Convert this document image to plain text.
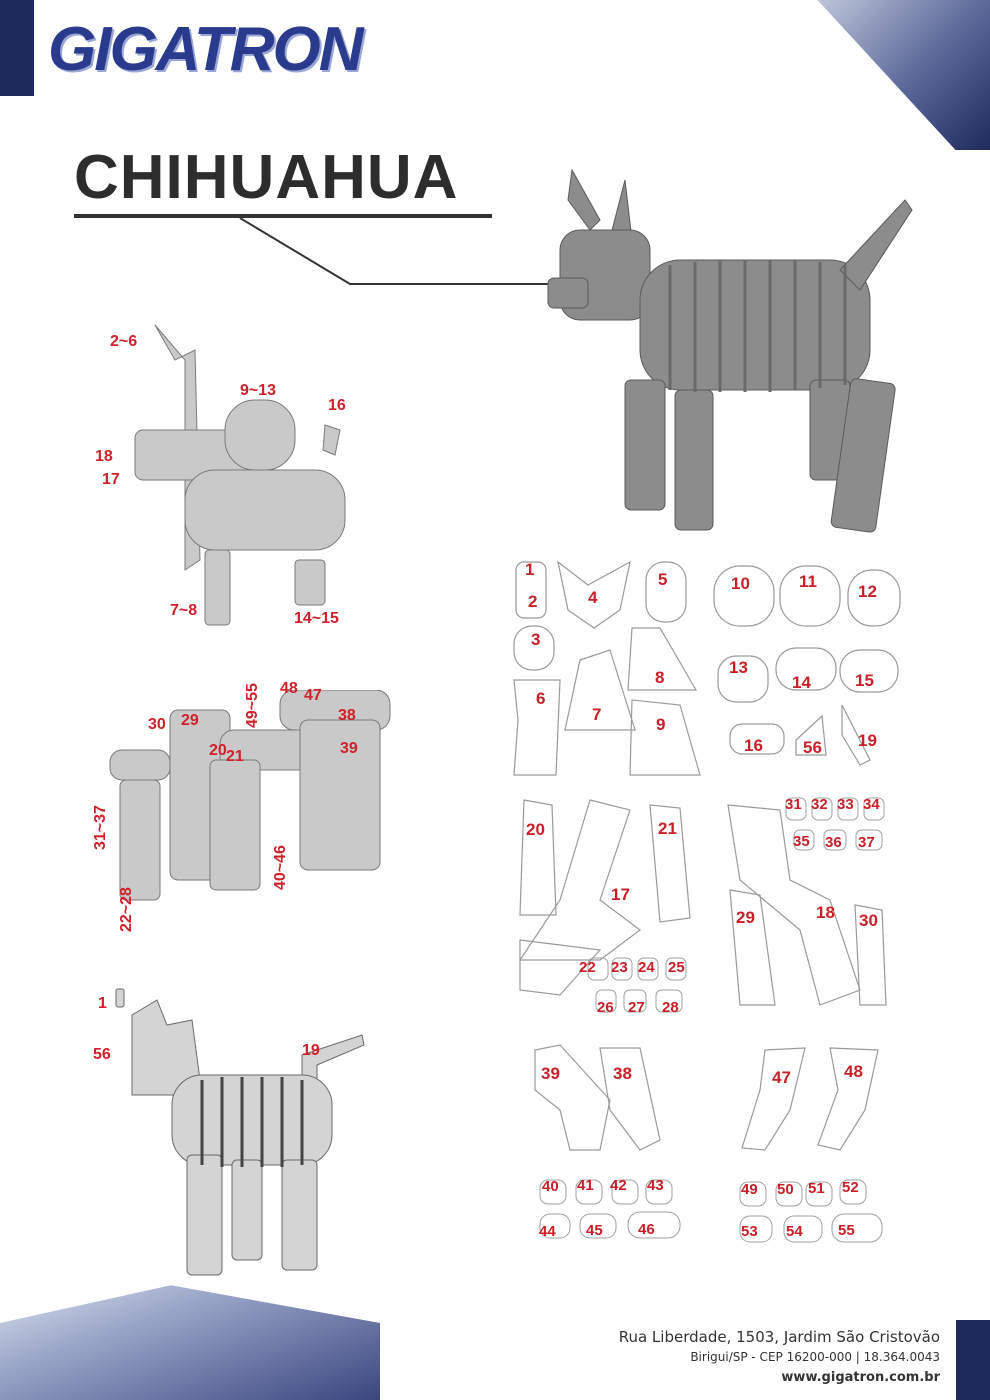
GIGATRON
CHIHUAHUA
2~6
9~13
16
18
17
7~8	14~15
30 29	49~55 48 47
38
20	39
21
31~37
40~46
22~28
1
56	19
1
2	4
5
3
8
6
7
9
10	11
12
13
14	15
16 56 19
20	21
17
22 23 24 25
26 27 28
31 32 33 34
35 36 37
18
29	30
39	38
40 41 42 43
44 45 46
47	48
49 50 51 52
53 54 55
Rua Liberdade, 1503, Jardim São Cristovão
Birigui/SP - CEP 16200-000 | 18.364.0043
www.gigatron.com.br
